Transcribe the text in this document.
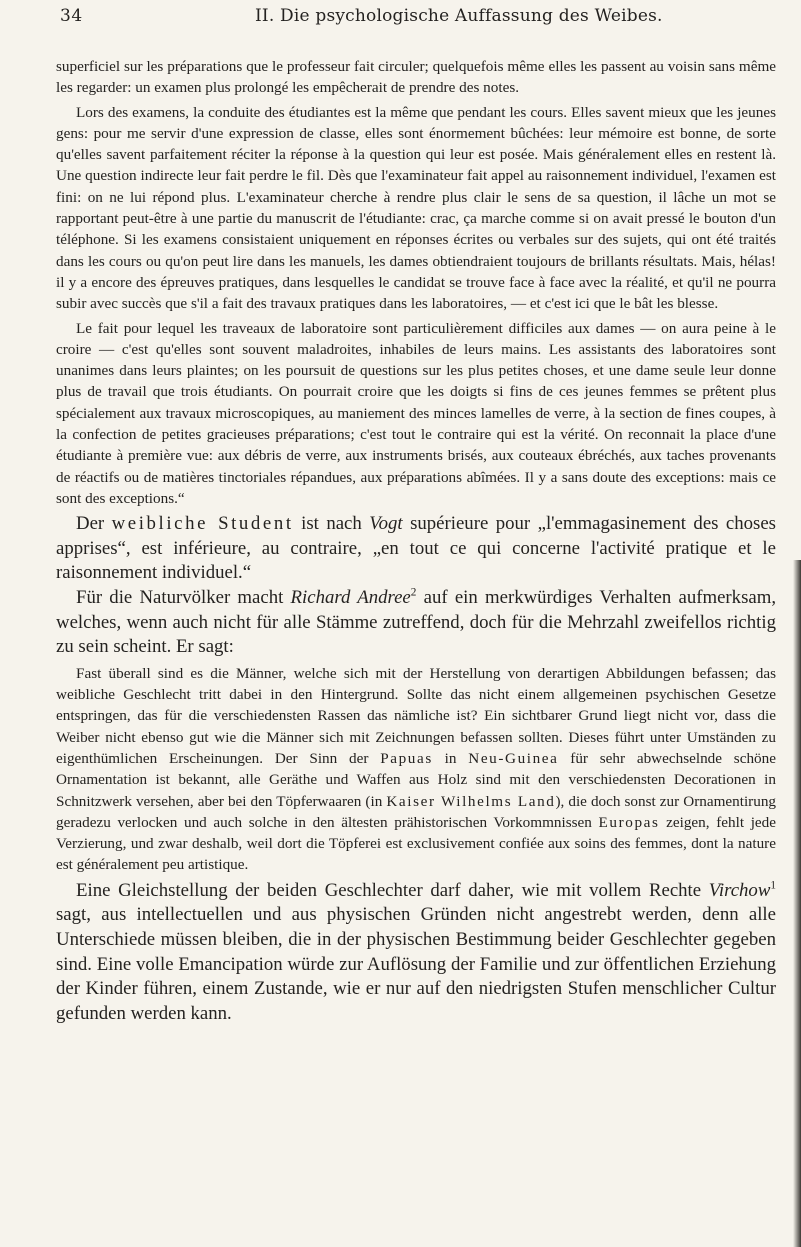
34	II. Die psychologische Auffassung des Weibes.

superficiel sur les préparations que le professeur fait circuler; quelquefois même elles les passent au voisin sans même les regarder: un examen plus prolongé les empêcherait de prendre des notes.

Lors des examens, la conduite des étudiantes est la même que pendant les cours. Elles savent mieux que les jeunes gens: pour me servir d'une expression de classe, elles sont énormement bûchées: leur mémoire est bonne, de sorte qu'elles savent parfaitement réciter la réponse à la question qui leur est posée. Mais généralement elles en restent là. Une question indirecte leur fait perdre le fil. Dès que l'examinateur fait appel au raisonnement individuel, l'examen est fini: on ne lui répond plus. L'examinateur cherche à rendre plus clair le sens de sa question, il lâche un mot se rapportant peut-être à une partie du manuscrit de l'étudiante: crac, ça marche comme si on avait pressé le bouton d'un téléphone. Si les examens consistaient uniquement en réponses écrites ou verbales sur des sujets, qui ont été traités dans les cours ou qu'on peut lire dans les manuels, les dames obtiendraient toujours de brillants résultats. Mais, hélas! il y a encore des épreuves pratiques, dans lesquelles le candidat se trouve face à face avec la réalité, et qu'il ne pourra subir avec succès que s'il a fait des travaux pratiques dans les laboratoires, — et c'est ici que le bât les blesse.

Le fait pour lequel les traveaux de laboratoire sont particulièrement difficiles aux dames — on aura peine à le croire — c'est qu'elles sont souvent maladroites, inhabiles de leurs mains. Les assistants des laboratoires sont unanimes dans leurs plaintes; on les poursuit de questions sur les plus petites choses, et une dame seule leur donne plus de travail que trois étudiants. On pourrait croire que les doigts si fins de ces jeunes femmes se prêtent plus spécialement aux travaux microscopiques, au maniement des minces lamelles de verre, à la section de fines coupes, à la confection de petites gracieuses préparations; c'est tout le contraire qui est la vérité. On reconnait la place d'une étudiante à première vue: aux débris de verre, aux instruments brisés, aux couteaux ébréchés, aux taches provenants de réactifs ou de matières tinctoriales répandues, aux préparations abîmées. Il y a sans doute des exceptions: mais ce sont des exceptions.“

Der weibliche Student ist nach Vogt supérieure pour „l'emmagasinement des choses apprises“, est inférieure, au contraire, „en tout ce qui concerne l'activité pratique et le raisonnement individuel.“

Für die Naturvölker macht Richard Andree$^2$ auf ein merkwürdiges Verhalten aufmerksam, welches, wenn auch nicht für alle Stämme zutreffend, doch für die Mehrzahl zweifellos richtig zu sein scheint. Er sagt:

Fast überall sind es die Männer, welche sich mit der Herstellung von derartigen Abbildungen befassen; das weibliche Geschlecht tritt dabei in den Hintergrund. Sollte das nicht einem allgemeinen psychischen Gesetze entspringen, das für die verschiedensten Rassen das nämliche ist? Ein sichtbarer Grund liegt nicht vor, dass die Weiber nicht ebenso gut wie die Männer sich mit Zeichnungen befassen sollten. Dieses führt unter Umständen zu eigenthümlichen Erscheinungen. Der Sinn der Papuas in Neu-Guinea für sehr abwechselnde schöne Ornamentation ist bekannt, alle Geräthe und Waffen aus Holz sind mit den verschiedensten Decorationen in Schnitzwerk versehen, aber bei den Töpferwaaren (in Kaiser Wilhelms Land), die doch sonst zur Ornamentirung geradezu verlocken und auch solche in den ältesten prähistorischen Vorkommnissen Europas zeigen, fehlt jede Verzierung, und zwar deshalb, weil dort die Töpferei est exclusivement confiée aux soins des femmes, dont la nature est généralement peu artistique.

Eine Gleichstellung der beiden Geschlechter darf daher, wie mit vollem Rechte Virchow$^1$ sagt, aus intellectuellen und aus physischen Gründen nicht angestrebt werden, denn alle Unterschiede müssen bleiben, die in der physischen Bestimmung beider Geschlechter gegeben sind. Eine volle Emancipation würde zur Auflösung der Familie und zur öffentlichen Erziehung der Kinder führen, einem Zustande, wie er nur auf den niedrigsten Stufen menschlicher Cultur gefunden werden kann.
